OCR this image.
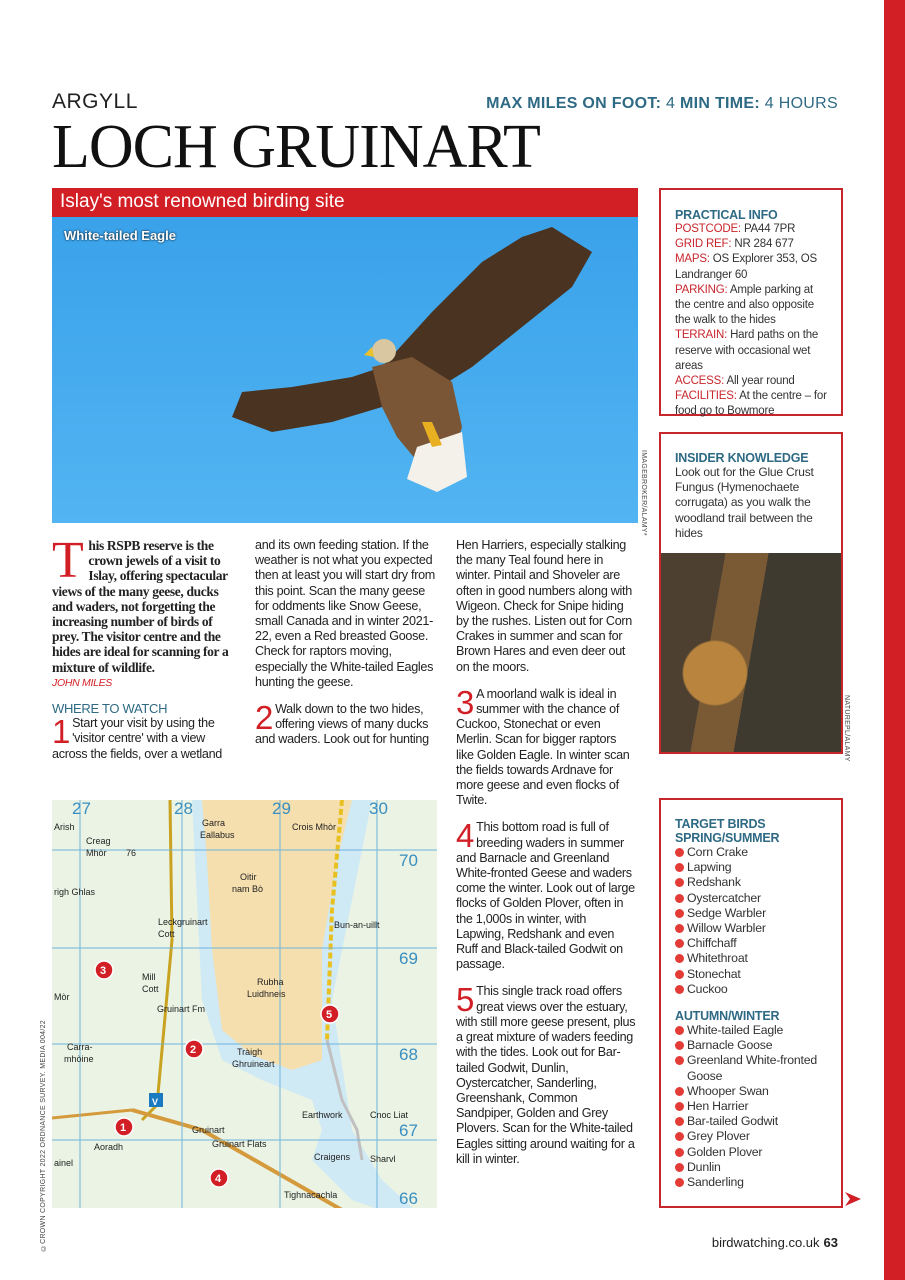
ARGYLL	MAX MILES ON FOOT: 4 MIN TIME: 4 HOURS
LOCH GRUINART
Islay's most renowned birding site
White-tailed Eagle
IMAGEBROKER/ALAMY*

This RSPB reserve is the crown jewels of a visit to Islay, offering spectacular views of the many geese, ducks and waders, not forgetting the increasing number of birds of prey. The visitor centre and the hides are ideal for scanning for a mixture of wildlife.

JOHN MILES
WHERE TO WATCH

1 Start your visit by using the 'visitor centre' with a view across the fields, over a wetland

and its own feeding station. If the weather is not what you expected then at least you will start dry from this point. Scan the many geese for oddments like Snow Geese, small Canada and in winter 2021-22, even a Red breasted Goose. Check for raptors moving, especially the White-tailed Eagles hunting the geese.

2 Walk down to the two hides, offering views of many ducks and waders. Look out for hunting

Hen Harriers, especially stalking the many Teal found here in winter. Pintail and Shoveler are often in good numbers along with Wigeon. Check for Snipe hiding by the rushes. Listen out for Corn Crakes in summer and scan for Brown Hares and even deer out on the moors.

3 A moorland walk is ideal in summer with the chance of Cuckoo, Stonechat or even Merlin. Scan for bigger raptors like Golden Eagle. In winter scan the fields towards Ardnave for more geese and even flocks of Twite.

4 This bottom road is full of breeding waders in summer and Barnacle and Greenland White-fronted Geese and waders come the winter. Look out of large flocks of Golden Plover, often in the 1,000s in winter, with Lapwing, Redshank and even Ruff and Black-tailed Godwit on passage.

5 This single track road offers great views over the estuary, with still more geese present, plus a great mixture of waders feeding with the tides. Look out for Bar-tailed Godwit, Dunlin, Oystercatcher, Sanderling, Greenshank, Common Sandpiper, Golden and Grey Plovers. Scan for the White-tailed Eagles sitting around waiting for a kill in winter.

27	28	29	30
70
69
68
67
66
Arish
Creag
Mhòr 76
righ Ghlas
Garra
Eallabus
Crois Mhòr
Oitir
nam Bò
Leckgruinart
Cott
Bun-an-uillt
Mill
Cott
Rubha
Luidhneis
Mòr
Gruinart Fm
Carra-
mhòine
Tràigh
Ghruineart
Earthwork	Cnoc Liat
Craigens
Gruinart
Gruinart Flats
Aoradh
ainel
Tighnacachla
Sharvl
1
2
3
4
5
V
©CROWN COPYRIGHT 2022 ORDNANCE SURVEY. MEDIA 004/22
PRACTICAL INFO
POSTCODE: PA44 7PR
GRID REF: NR 284 677
MAPS: OS Explorer 353, OS Landranger 60
PARKING: Ample parking at the centre and also opposite the walk to the hides
TERRAIN: Hard paths on the reserve with occasional wet areas
ACCESS: All year round
FACILITIES: At the centre – for food go to Bowmore
INSIDER KNOWLEDGE
Look out for the Glue Crust Fungus (Hymenochaete corrugata) as you walk the woodland trail between the hides
NATUREPL/ALAMY
TARGET BIRDS
SPRING/SUMMER
Corn Crake
Lapwing
Redshank
Oystercatcher
Sedge Warbler
Willow Warbler
Chiffchaff
Whitethroat
Stonechat
Cuckoo
AUTUMN/WINTER
White-tailed Eagle
Barnacle Goose
Greenland White-fronted Goose
Whooper Swan
Hen Harrier
Bar-tailed Godwit
Grey Plover
Golden Plover
Dunlin
Sanderling
birdwatching.co.uk 63
